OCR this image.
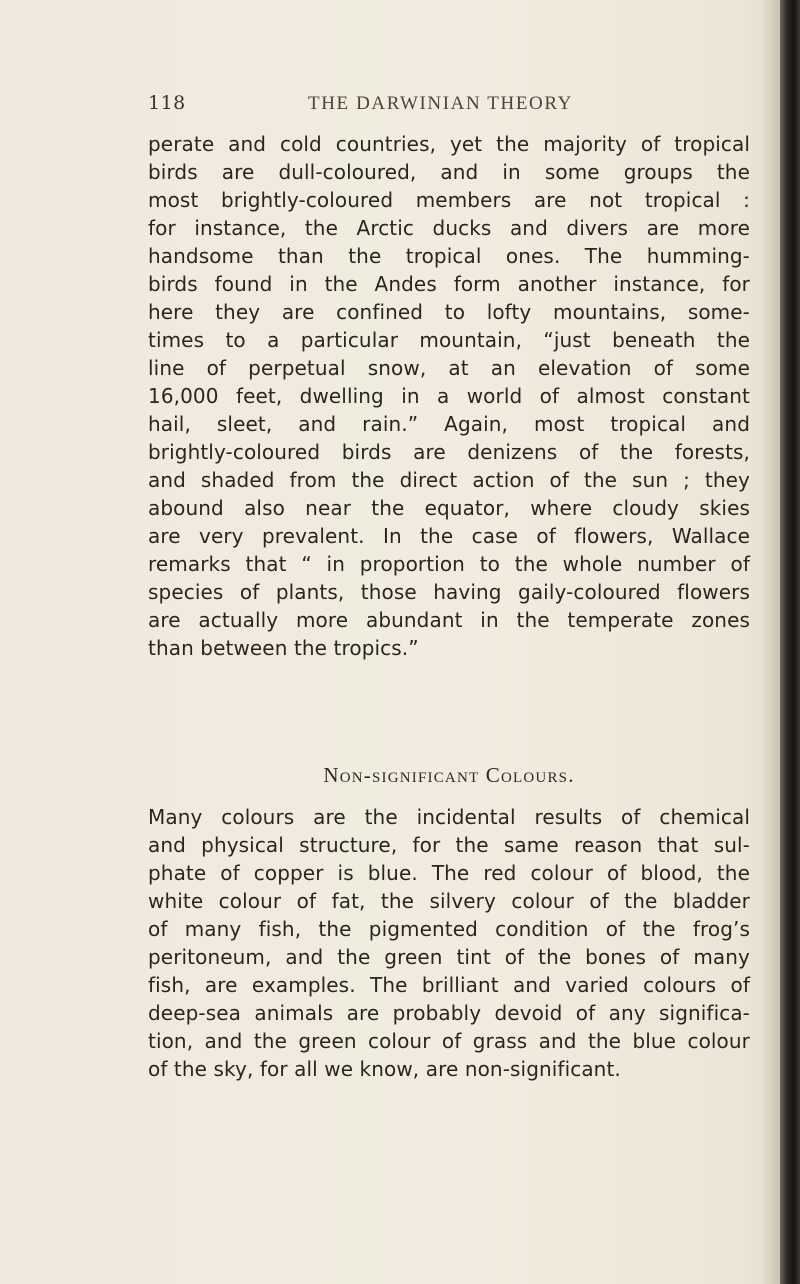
118	THE DARWINIAN THEORY
perate and cold countries, yet the majority of tropical
birds are dull-coloured, and in some groups the
most brightly-coloured members are not tropical :
for instance, the Arctic ducks and divers are more
handsome than the tropical ones. The humming-
birds found in the Andes form another instance, for
here they are confined to lofty mountains, some-
times to a particular mountain, “just beneath the
line of perpetual snow, at an elevation of some
16,000 feet, dwelling in a world of almost constant
hail, sleet, and rain.” Again, most tropical and
brightly-coloured birds are denizens of the forests,
and shaded from the direct action of the sun ; they
abound also near the equator, where cloudy skies
are very prevalent. In the case of flowers, Wallace
remarks that “ in proportion to the whole number of
species of plants, those having gaily-coloured flowers
are actually more abundant in the temperate zones
than between the tropics.”
Non-significant Colours.
Many colours are the incidental results of chemical
and physical structure, for the same reason that sul-
phate of copper is blue. The red colour of blood, the
white colour of fat, the silvery colour of the bladder
of many fish, the pigmented condition of the frog’s
peritoneum, and the green tint of the bones of many
fish, are examples. The brilliant and varied colours of
deep-sea animals are probably devoid of any significa-
tion, and the green colour of grass and the blue colour
of the sky, for all we know, are non-significant.
